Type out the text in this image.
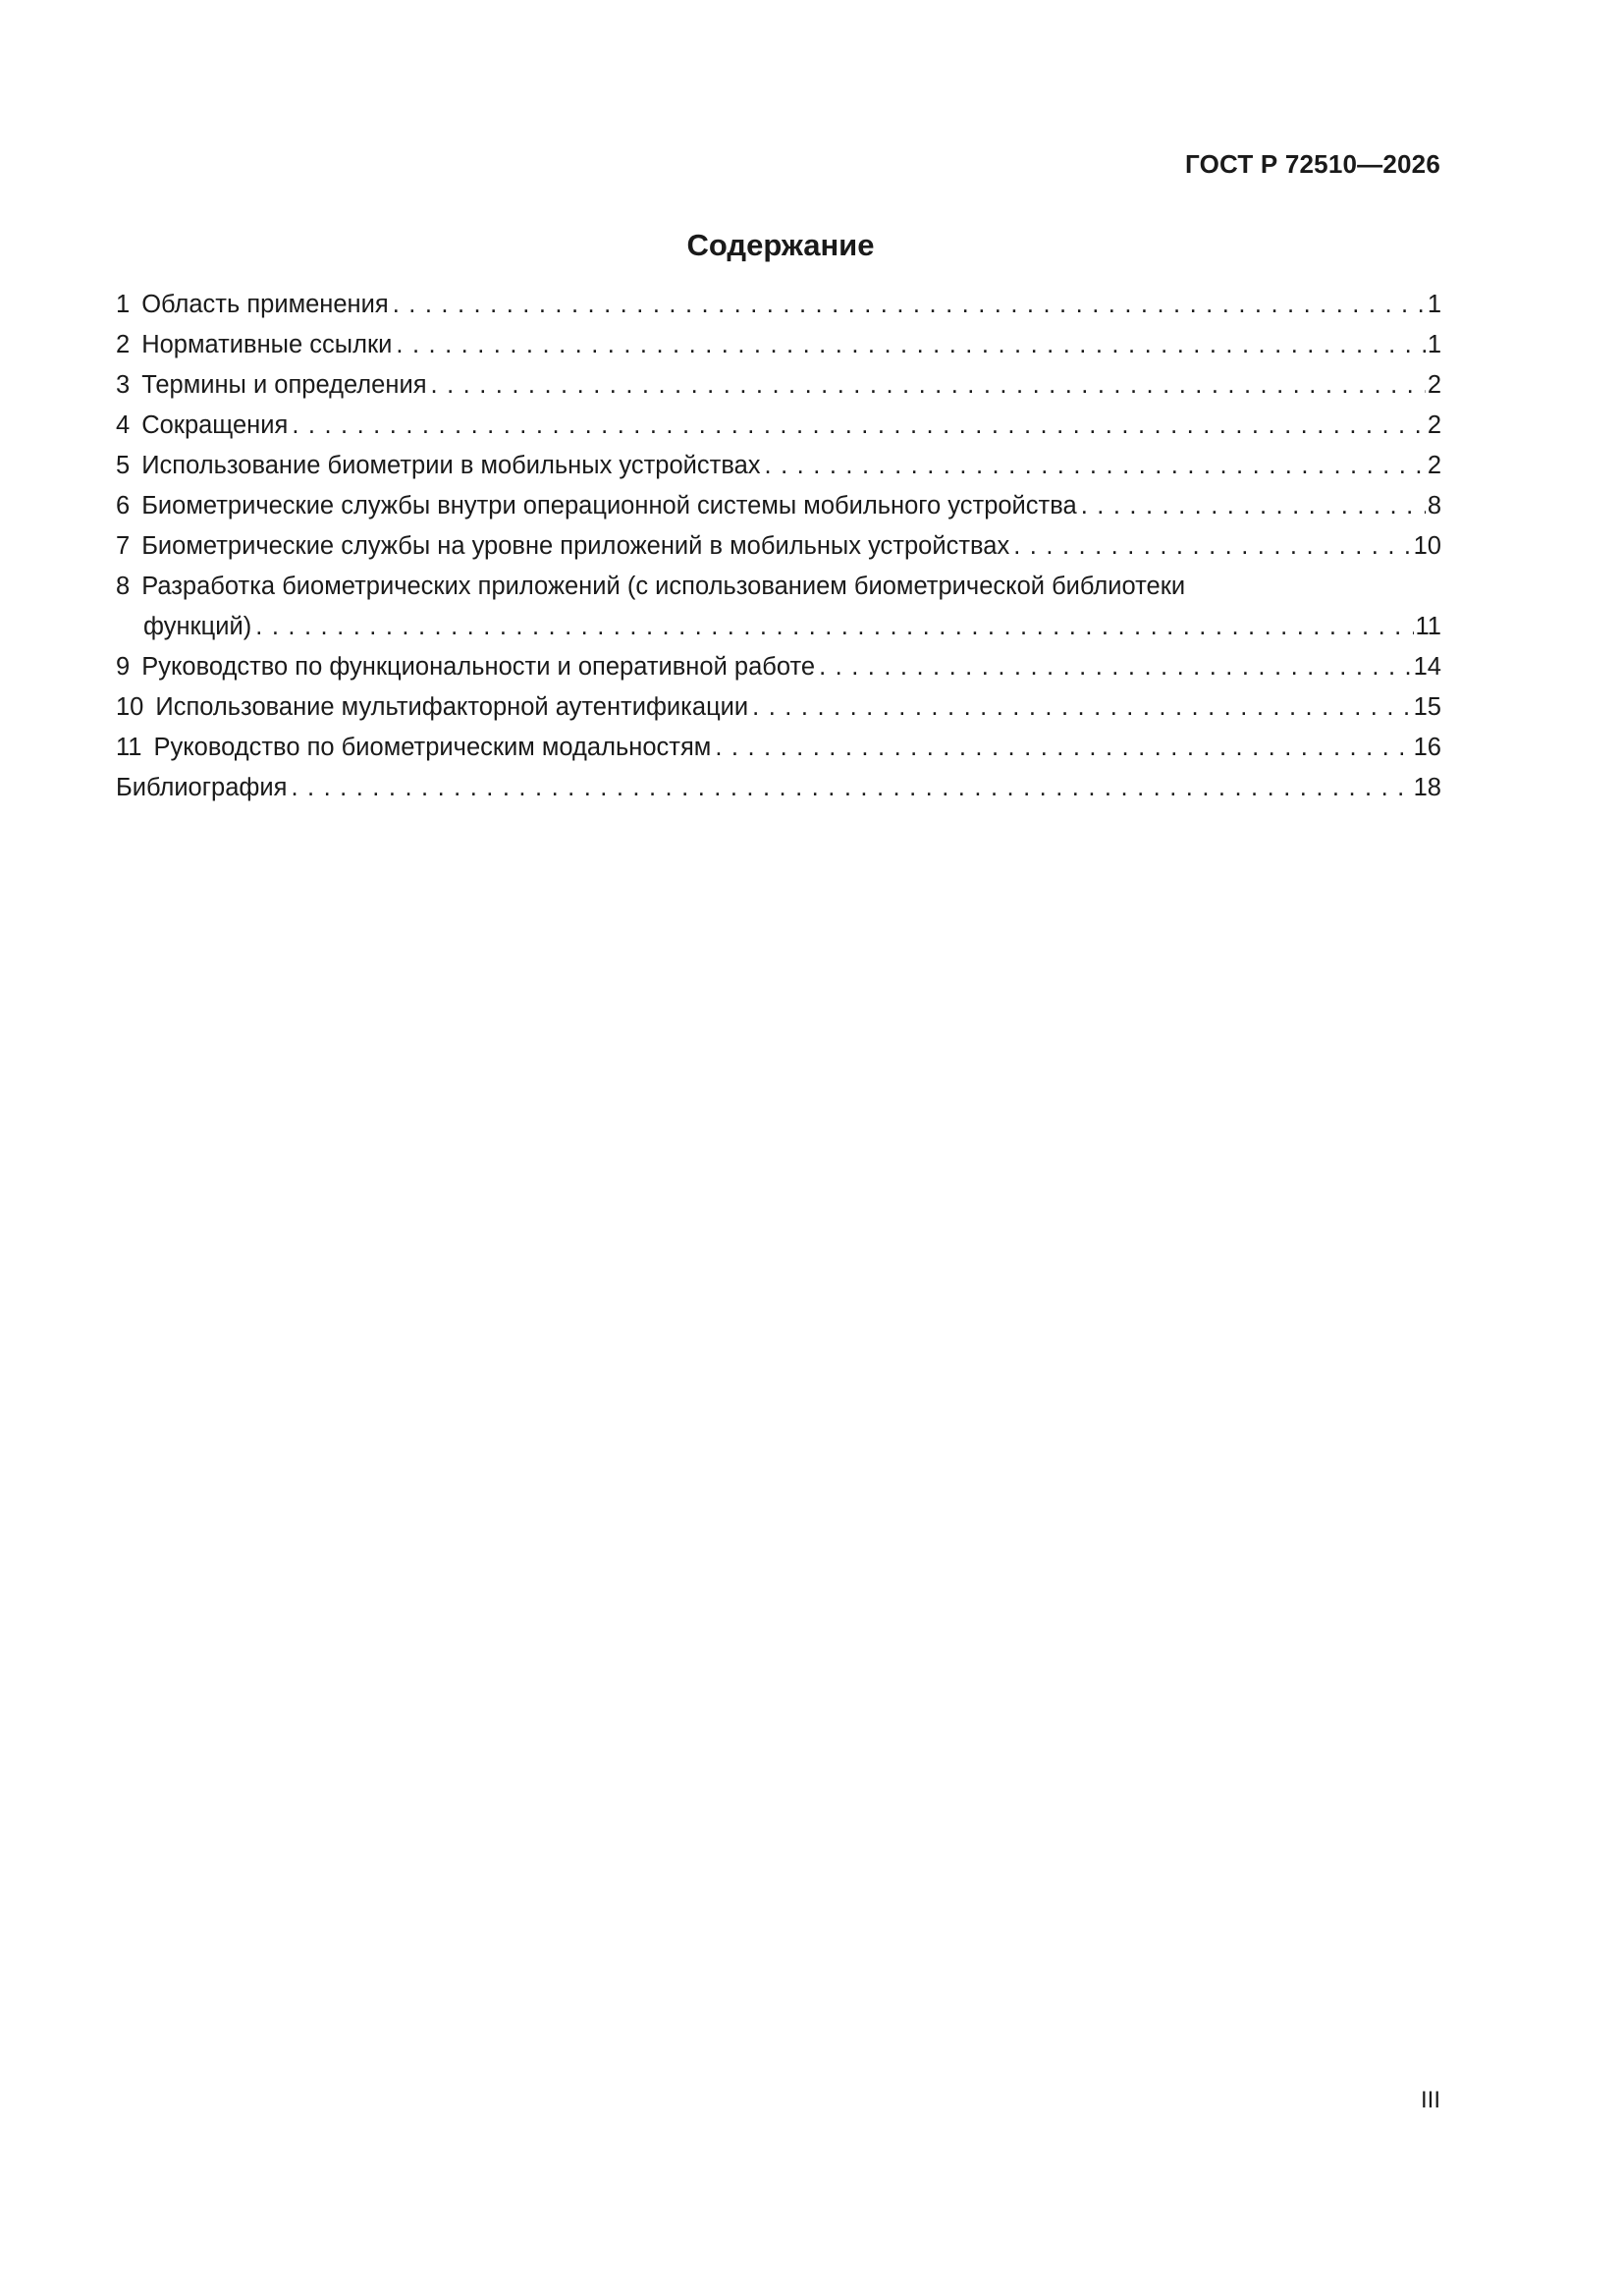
ГОСТ Р 72510—2026
Содержание
1 Область применения . . .	1
2 Нормативные ссылки . . .	1
3 Термины и определения . . .	2
4 Сокращения . . .	2
5 Использование биометрии в мобильных устройствах . . .	2
6 Биометрические службы внутри операционной системы мобильного устройства . . .	8
7 Биометрические службы на уровне приложений в мобильных устройствах . . .	10
8 Разработка биометрических приложений (с использованием биометрической библиотеки
функций) . . .	11
9 Руководство по функциональности и оперативной работе . . .	14
10 Использование мультифакторной аутентификации . . .	15
11 Руководство по биометрическим модальностям . . .	16
Библиография . . .	18
III
